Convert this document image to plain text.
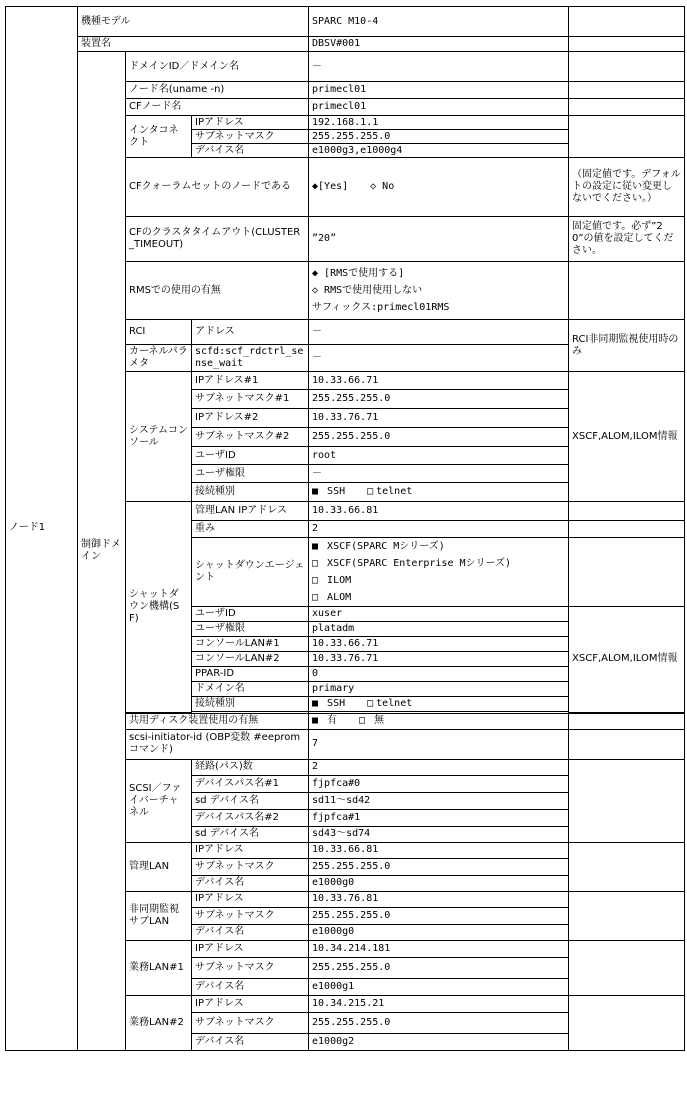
ノード1	機種モデル			SPARC M10-4	
	装置名			DBSV#001	
	制御ドメイン	ドメインID／ドメイン名		－	
		ノード名(uname -n)		primecl01	
		CFノード名		primecl01	
		インタコネクト	IPアドレス	192.168.1.1	
			サブネットマスク	255.255.255.0	
			デバイス名	e1000g3,e1000g4	
		CFクォーラムセットのノードである		◆[Yes] ◇ No	（固定値です。デフォルトの設定に従い変更しないでください。）
		CFのクラスタタイムアウト(CLUSTER_TIMEOUT)		”20”	固定値です。必ず”20”の値を設定してください。
		RMSでの使用の有無		◆ [RMSで使用する]
◇ RMSで使用使用しない
サフィックス:primecl01RMS	

		RCI	アドレス	－	RCI非同期監視使用時のみ
		カーネルパラメタ	scfd:scf_rdctrl_sense_wait	－	
		システムコンソール	IPアドレス#1	10.33.66.71	XSCF,ALOM,ILOM情報
			サブネットマスク#1	255.255.255.0	
			IPアドレス#2	10.33.76.71	
			サブネットマスク#2	255.255.255.0	
			ユーザID	root	
			ユーザ権限	－	
			接続種別	■ SSH □ telnet	
		シャットダウン機構(SF)	管理LAN IPアドレス	10.33.66.81	
			重み	2	
			シャットダウンエージェント	■ XSCF(SPARC Mシリーズ)
□ XSCF(SPARC Enterprise Mシリーズ)
□ ILOM
□ ALOM	

			ユーザID	xuser	XSCF,ALOM,ILOM情報
			ユーザ権限	platadm	
			コンソールLAN#1	10.33.66.71	
			コンソールLAN#2	10.33.76.71	
			PPAR-ID	0	
			ドメイン名	primary	
			接続種別	■ SSH □ telnet	

		共用ディスク装置使用の有無		■ 有 □ 無	
		scsi-initiator-id (OBP変数 #eepromコマンド)		7	
		SCSI／ファイバーチャネル	経路(パス)数	2	
			デバイスパス名#1	fjpfca#0	
			sd デバイス名	sd11～sd42	
			デバイスパス名#2	fjpfca#1	
			sd デバイス名	sd43～sd74	
		管理LAN	IPアドレス	10.33.66.81	
			サブネットマスク	255.255.255.0	
			デバイス名	e1000g0	
		非同期監視サブLAN	IPアドレス	10.33.76.81	
			サブネットマスク	255.255.255.0	
			デバイス名	e1000g0	
		業務LAN#1	IPアドレス	10.34.214.181	
			サブネットマスク	255.255.255.0	
			デバイス名	e1000g1	
		業務LAN#2	IPアドレス	10.34.215.21	
			サブネットマスク	255.255.255.0	
			デバイス名	e1000g2	
